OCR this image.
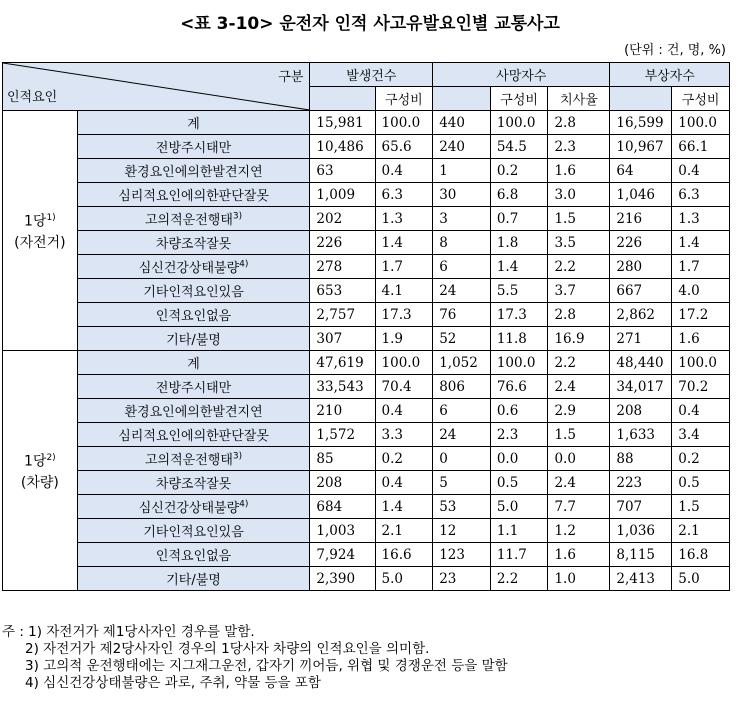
<표 3-10> 운전자 인적 사고유발요인별 교통사고
(단위 : 건, 명, %)
구분
인적요인		발생건수		사망자수			부상자수	
			구성비		구성비	치사율		구성비
1당$^{1)}$
(자전거)	계	15,981	100.0	440	100.0	2.8	16,599	100.0
	전방주시태만	10,486	65.6	240	54.5	2.3	10,967	66.1
	환경요인에의한발견지연	63	0.4	1	0.2	1.6	64	0.4
	심리적요인에의한판단잘못	1,009	6.3	30	6.8	3.0	1,046	6.3
	고의적운전행태$^{3)}$	202	1.3	3	0.7	1.5	216	1.3
	차량조작잘못	226	1.4	8	1.8	3.5	226	1.4
	심신건강상태불량$^{4)}$	278	1.7	6	1.4	2.2	280	1.7
	기타인적요인있음	653	4.1	24	5.5	3.7	667	4.0
	인적요인없음	2,757	17.3	76	17.3	2.8	2,862	17.2
	기타/불명	307	1.9	52	11.8	16.9	271	1.6
1당$^{2)}$
(차량)	계	47,619	100.0	1,052	100.0	2.2	48,440	100.0
	전방주시태만	33,543	70.4	806	76.6	2.4	34,017	70.2
	환경요인에의한발견지연	210	0.4	6	0.6	2.9	208	0.4
	심리적요인에의한판단잘못	1,572	3.3	24	2.3	1.5	1,633	3.4
	고의적운전행태$^{3)}$	85	0.2	0	0.0	0.0	88	0.2
	차량조작잘못	208	0.4	5	0.5	2.4	223	0.5
	심신건강상태불량$^{4)}$	684	1.4	53	5.0	7.7	707	1.5
	기타인적요인있음	1,003	2.1	12	1.1	1.2	1,036	2.1
	인적요인없음	7,924	16.6	123	11.7	1.6	8,115	16.8
	기타/불명	2,390	5.0	23	2.2	1.0	2,413	5.0
주 : 1) 자전거가 제1당사자인 경우를 말함.
2) 자전거가 제2당사자인 경우의 1당사자 차량의 인적요인을 의미함.
3) 고의적 운전행태에는 지그재그운전, 갑자기 끼어듬, 위협 및 경쟁운전 등을 말함
4) 심신건강상태불량은 과로, 주취, 약물 등을 포함
